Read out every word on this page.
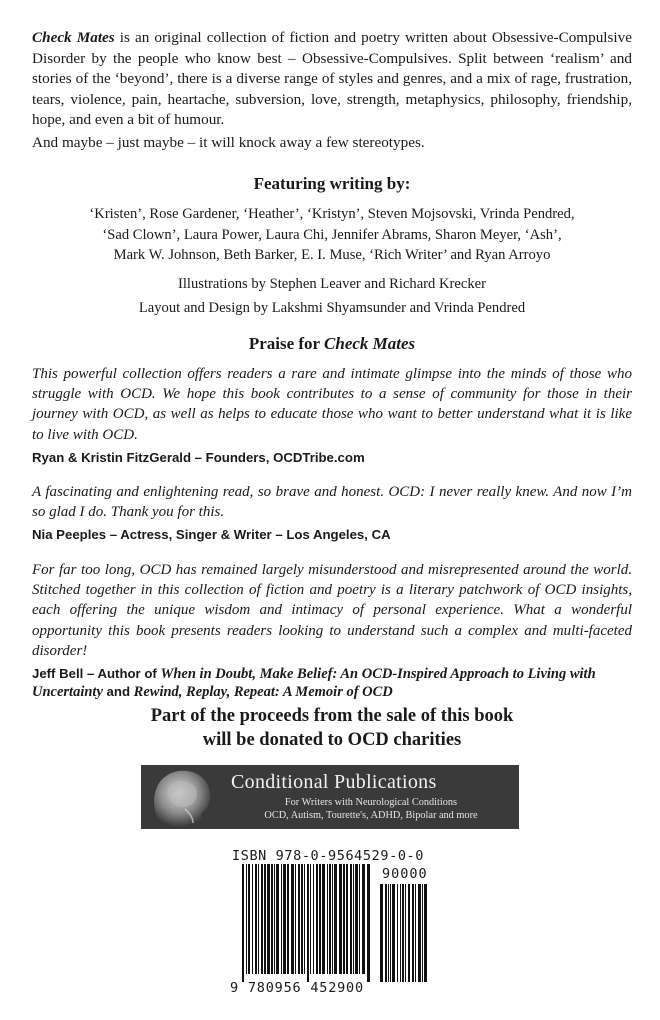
Check Mates is an original collection of fiction and poetry written about Obsessive-Compulsive Disorder by the people who know best – Obsessive-Compulsives. Split between ‘realism’ and stories of the ‘beyond’, there is a diverse range of styles and genres, and a mix of rage, frustration, tears, violence, pain, heartache, subversion, love, strength, metaphysics, philosophy, friendship, hope, and even a bit of humour.
And maybe – just maybe – it will knock away a few stereotypes.
Featuring writing by:
‘Kristen’, Rose Gardener, ‘Heather’, ‘Kristyn’, Steven Mojsovski, Vrinda Pendred,
‘Sad Clown’, Laura Power, Laura Chi, Jennifer Abrams, Sharon Meyer, ‘Ash’,
Mark W. Johnson, Beth Barker, E. I. Muse, ‘Rich Writer’ and Ryan Arroyo
Illustrations by Stephen Leaver and Richard Krecker
Layout and Design by Lakshmi Shyamsunder and Vrinda Pendred
Praise for Check Mates
This powerful collection offers readers a rare and intimate glimpse into the minds of those who struggle with OCD. We hope this book contributes to a sense of community for those in their journey with OCD, as well as helps to educate those who want to better understand what it is like to live with OCD.
Ryan & Kristin FitzGerald – Founders, OCDTribe.com
A fascinating and enlightening read, so brave and honest. OCD: I never really knew. And now I’m so glad I do. Thank you for this.
Nia Peeples – Actress, Singer & Writer – Los Angeles, CA
For far too long, OCD has remained largely misunderstood and misrepresented around the world. Stitched together in this collection of fiction and poetry is a literary patchwork of OCD insights, each offering the unique wisdom and intimacy of personal experience. What a wonderful opportunity this book presents readers looking to understand such a complex and multi-faceted disorder!
Jeff Bell – Author of When in Doubt, Make Belief: An OCD-Inspired Approach to Living with Uncertainty and Rewind, Replay, Repeat: A Memoir of OCD
Part of the proceeds from the sale of this book
will be donated to OCD charities
Conditional Publications
For Writers with Neurological Conditions
OCD, Autism, Tourette's, ADHD, Bipolar and more
ISBN 978-0-9564529-0-0
90000
9 780956 452900
